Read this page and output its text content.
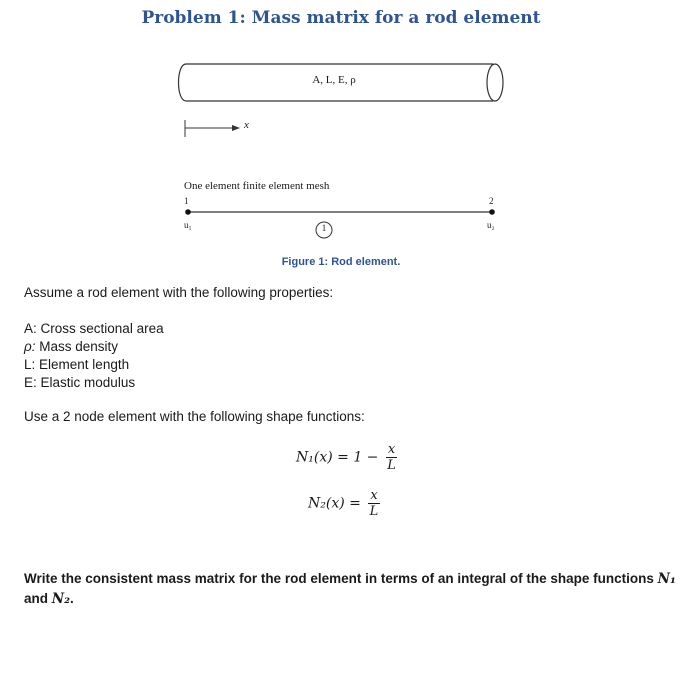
Problem 1: Mass matrix for a rod element
A, L, E, ρ
x
One element finite element mesh
1	2
u₁	u₂
1
Figure 1: Rod element.
Assume a rod element with the following properties:
A: Cross sectional area
ρ: Mass density
L: Element length
E: Elastic modulus
Use a 2 node element with the following shape functions:
$N_1(x) = 1 - \frac{x}{L}$
$N_2(x) = \frac{x}{L}$
Write the consistent mass matrix for the rod element in terms of an integral of the shape functions N₁ and N₂.
